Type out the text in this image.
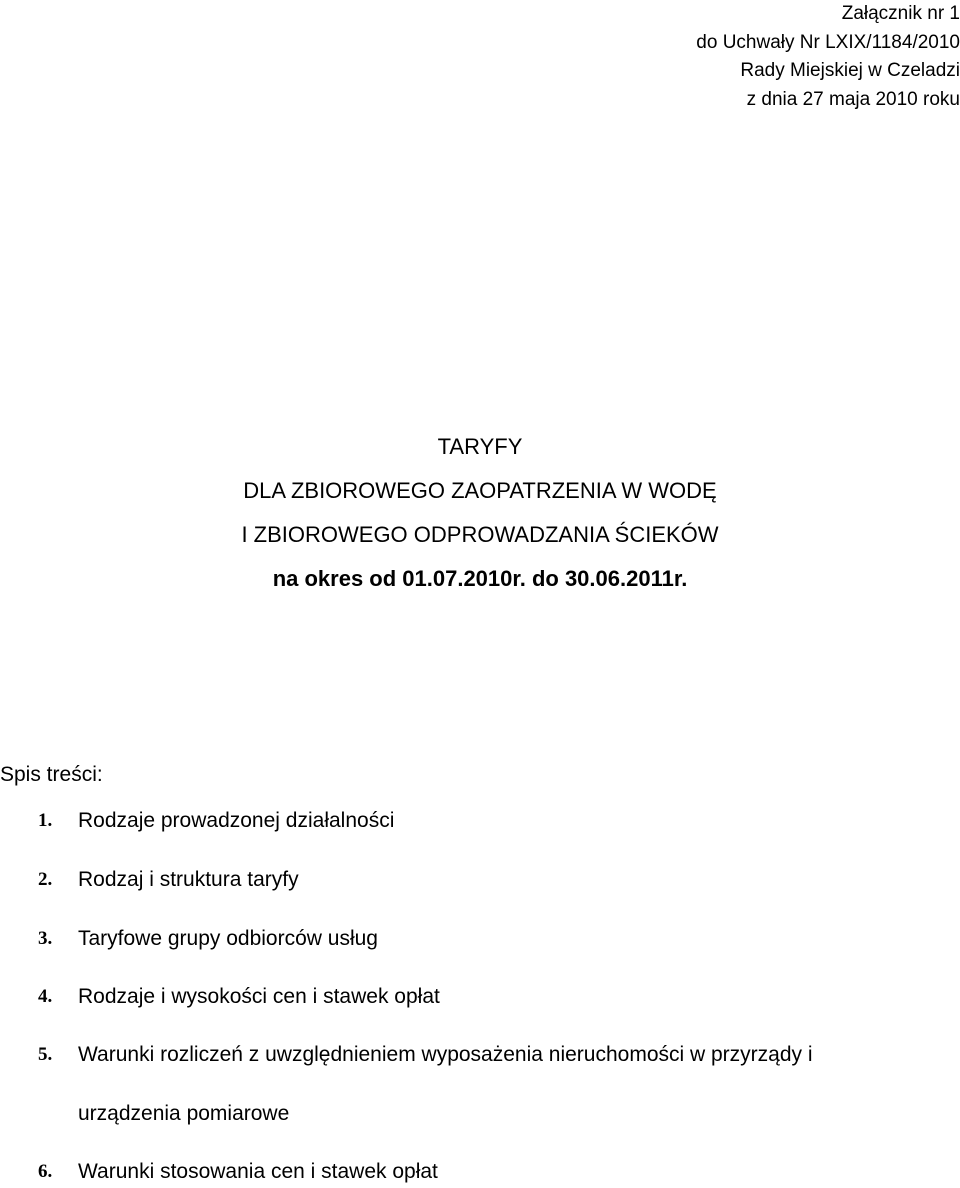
Załącznik nr 1
do Uchwały Nr LXIX/1184/2010
Rady Miejskiej w Czeladzi
z dnia 27 maja 2010 roku
TARYFY
DLA ZBIOROWEGO ZAOPATRZENIA W WODĘ
I ZBIOROWEGO ODPROWADZANIA ŚCIEKÓW
na okres od 01.07.2010r. do 30.06.2011r.
Spis treści:
1. Rodzaje prowadzonej działalności
2. Rodzaj i struktura taryfy
3. Taryfowe grupy odbiorców usług
4. Rodzaje i wysokości cen i stawek opłat
5. Warunki rozliczeń z uwzględnieniem wyposażenia nieruchomości w przyrządy i
urządzenia pomiarowe
6. Warunki stosowania cen i stawek opłat
